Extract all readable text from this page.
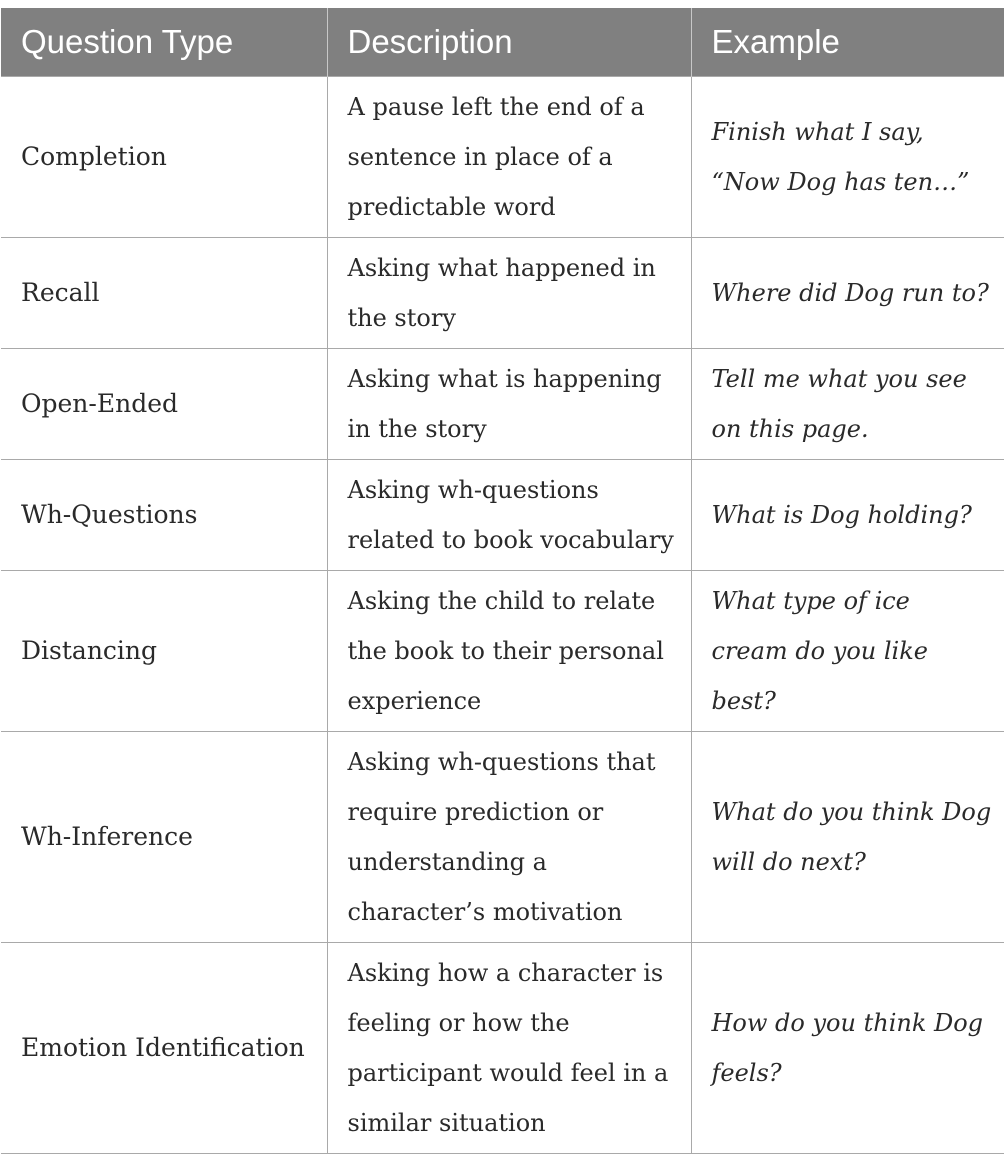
Question Type	Description	Example
Completion	A pause left the end of a sentence in place of a predictable word	Finish what I say, “Now Dog has ten…”
Recall	Asking what happened in the story	Where did Dog run to?
Open-Ended	Asking what is happening in the story	Tell me what you see on this page.
Wh-Questions	Asking wh-questions related to book vocabulary	What is Dog holding?
Distancing	Asking the child to relate the book to their personal experience	What type of ice cream do you like best?
Wh-Inference	Asking wh-questions that require prediction or understanding a character’s motivation	What do you think Dog will do next?
Emotion Identification	Asking how a character is feeling or how the participant would feel in a similar situation	How do you think Dog feels?
